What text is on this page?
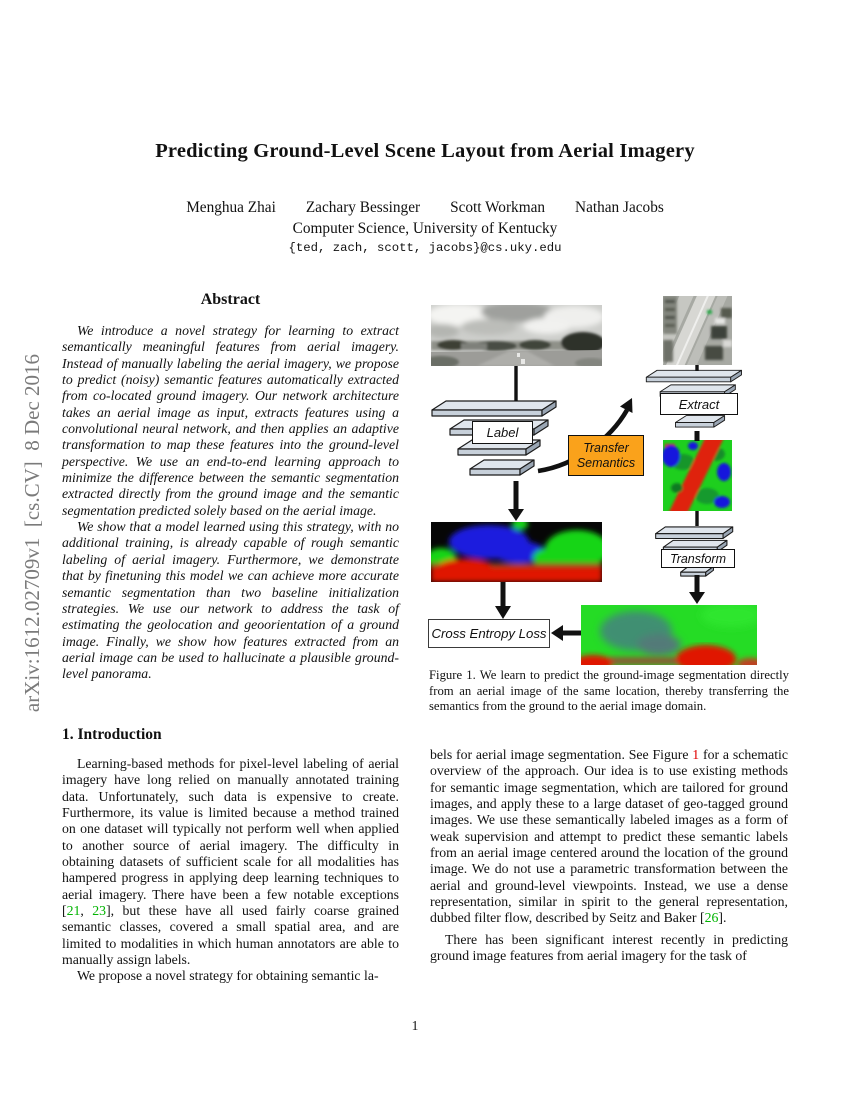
arXiv:1612.02709v1  [cs.CV]  8 Dec 2016
Predicting Ground-Level Scene Layout from Aerial Imagery
Menghua Zhai Zachary Bessinger Scott Workman Nathan Jacobs
Computer Science, University of Kentucky
{ted, zach, scott, jacobs}@cs.uky.edu
Abstract

We introduce a novel strategy for learning to extract semantically meaningful features from aerial imagery. Instead of manually labeling the aerial imagery, we propose to predict (noisy) semantic features automatically extracted from co-located ground imagery. Our network architecture takes an aerial image as input, extracts features using a convolutional neural network, and then applies an adaptive transformation to map these features into the ground-level perspective. We use an end-to-end learning approach to minimize the difference between the semantic segmentation extracted directly from the ground image and the semantic segmentation predicted solely based on the aerial image.

We show that a model learned using this strategy, with no additional training, is already capable of rough semantic labeling of aerial imagery. Furthermore, we demonstrate that by finetuning this model we can achieve more accurate semantic segmentation than two baseline initialization strategies. We use our network to address the task of estimating the geolocation and geoorientation of a ground image. Finally, we show how features extracted from an aerial image can be used to hallucinate a plausible ground-level panorama.

Label
Extract
Transform
Transfer
Semantics
Cross Entropy Loss
Figure 1. We learn to predict the ground-image segmentation directly from an aerial image of the same location, thereby transferring the semantics from the ground to the aerial image domain.
1. Introduction

Learning-based methods for pixel-level labeling of aerial imagery have long relied on manually annotated training data. Unfortunately, such data is expensive to create. Furthermore, its value is limited because a method trained on one dataset will typically not perform well when applied to another source of aerial imagery. The difficulty in obtaining datasets of sufficient scale for all modalities has hampered progress in applying deep learning techniques to aerial imagery. There have been a few notable exceptions [21, 23], but these have all used fairly coarse grained semantic classes, covered a small spatial area, and are limited to modalities in which human annotators are able to manually assign labels.

We propose a novel strategy for obtaining semantic la-

bels for aerial image segmentation. See Figure 1 for a schematic overview of the approach. Our idea is to use existing methods for semantic image segmentation, which are tailored for ground images, and apply these to a large dataset of geo-tagged ground images. We use these semantically labeled images as a form of weak supervision and attempt to predict these semantic labels from an aerial image centered around the location of the ground image. We do not use a parametric transformation between the aerial and ground-level viewpoints. Instead, we use a dense representation, similar in spirit to the general representation, dubbed filter flow, described by Seitz and Baker [26].

There has been significant interest recently in predicting ground image features from aerial imagery for the task of

1
